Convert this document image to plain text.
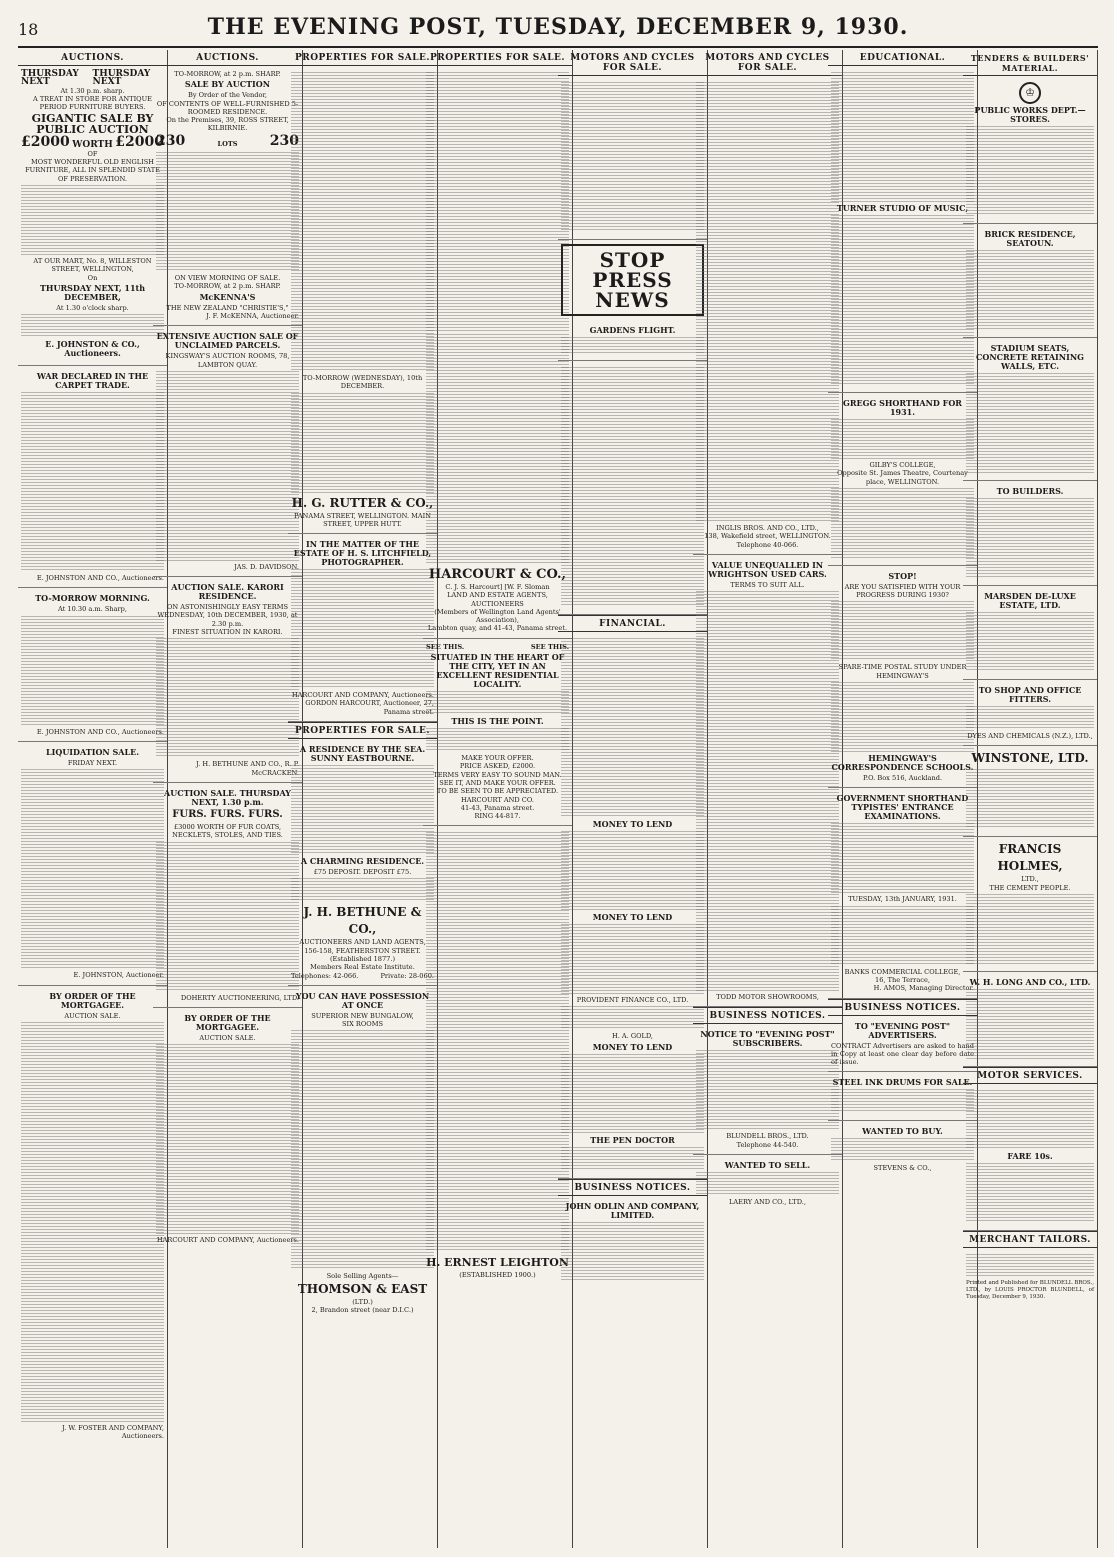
18	THE EVENING POST, TUESDAY, DECEMBER 9, 1930.
AUCTIONS.
THURSDAY NEXT
THURSDAY NEXT
At 1.30 p.m. sharp.
A TREAT IN STORE FOR ANTIQUE PERIOD FURNITURE BUYERS.
GIGANTIC SALE BY PUBLIC AUCTION
£2000 WORTH £2000
OF
MOST WONDERFUL OLD ENGLISH FURNITURE, ALL IN SPLENDID STATE OF PRESERVATION.
AT OUR MART, No. 8, WILLESTON STREET, WELLINGTON,
On
THURSDAY NEXT, 11th DECEMBER,
At 1.30 o'clock sharp.
E. JOHNSTON & CO., Auctioneers.
WAR DECLARED IN THE CARPET TRADE.
E. JOHNSTON AND CO., Auctioneers.
TO-MORROW MORNING.
At 10.30 a.m. Sharp,
E. JOHNSTON AND CO., Auctioneers.
LIQUIDATION SALE.
FRIDAY NEXT.
E. JOHNSTON, Auctioneer.
BY ORDER OF THE MORTGAGEE.
AUCTION SALE.
J. W. FOSTER AND COMPANY, Auctioneers.
AUCTIONS.
TO-MORROW, at 2 p.m. SHARP.
SALE BY AUCTION
By Order of the Vendor,
OF CONTENTS OF WELL-FURNISHED 5-ROOMED RESIDENCE.
On the Premises, 39, ROSS STREET, KILBIRNIE.
230	LOTS 230
ON VIEW MORNING OF SALE.
TO-MORROW, at 2 p.m. SHARP.
McKENNA'S
THE NEW ZEALAND "CHRISTIE'S,"
J. F. McKENNA, Auctioneer.
EXTENSIVE AUCTION SALE OF UNCLAIMED PARCELS.
KINGSWAY'S AUCTION ROOMS, 78, LAMBTON QUAY.
JAS. D. DAVIDSON.
AUCTION SALE. KARORI RESIDENCE.
ON ASTONISHINGLY EASY TERMS
WEDNESDAY, 10th DECEMBER, 1930, at 2.30 p.m.
FINEST SITUATION IN KARORI.
J. H. BETHUNE AND CO., R. P. McCRACKEN.
AUCTION SALE. THURSDAY NEXT, 1.30 p.m.
FURS. FURS. FURS.
£3000 WORTH OF FUR COATS, NECKLETS, STOLES, AND TIES.
DOHERTY AUCTIONEERING, LTD.
BY ORDER OF THE MORTGAGEE.
AUCTION SALE.
HARCOURT AND COMPANY, Auctioneers.
PROPERTIES FOR SALE.
TO-MORROW (WEDNESDAY), 10th DECEMBER.
H. G. RUTTER & CO.,
PANAMA STREET, WELLINGTON. MAIN STREET, UPPER HUTT.
IN THE MATTER OF THE ESTATE OF H. S. LITCHFIELD, PHOTOGRAPHER.
HARCOURT AND COMPANY, Auctioneers. GORDON HARCOURT, Auctioneer, 27, Panama street.
PROPERTIES FOR SALE.
A RESIDENCE BY THE SEA. SUNNY EASTBOURNE.
A CHARMING RESIDENCE.
£75 DEPOSIT. DEPOSIT £75.
J. H. BETHUNE & CO.,
AUCTIONEERS AND LAND AGENTS,
156-158, FEATHERSTON STREET. (Established 1877.)
Members Real Estate Institute.
Telephones: 42-066.	Private: 28-060.
YOU CAN HAVE POSSESSION AT ONCE
SUPERIOR NEW BUNGALOW,
SIX ROOMS
Sole Selling Agents—
THOMSON & EAST
(LTD.)
2, Brandon street (near D.I.C.)
PROPERTIES FOR SALE.
HARCOURT & CO.,
C. J. S. Harcourt] [W. F. Sloman
LAND AND ESTATE AGENTS, AUCTIONEERS
(Members of Wellington Land Agents' Association),
Lambton quay, and 41-43, Panama street.
SEE THIS.	SEE THIS.
SITUATED IN THE HEART OF THE CITY, YET IN AN EXCELLENT RESIDENTIAL LOCALITY.
THIS IS THE POINT.
MAKE YOUR OFFER.
PRICE ASKED, £2000.
TERMS VERY EASY TO SOUND MAN.
SEE IT, AND MAKE YOUR OFFER.
TO BE SEEN TO BE APPRECIATED.
HARCOURT AND CO.
41-43, Panama street.
RING 44-817.
H. ERNEST LEIGHTON
(ESTABLISHED 1900.)
MOTORS AND CYCLES FOR SALE.
STOP PRESS NEWS
GARDENS FLIGHT.
FINANCIAL.
MONEY TO LEND
MONEY TO LEND
PROVIDENT FINANCE CO., LTD.
H. A. GOLD,
MONEY TO LEND
THE PEN DOCTOR
BUSINESS NOTICES.
JOHN ODLIN AND COMPANY, LIMITED.
MOTORS AND CYCLES FOR SALE.
INGLIS BROS. AND CO., LTD.,
138, Wakefield street, WELLINGTON.
Telephone 40-066.
VALUE UNEQUALLED IN WRIGHTSON USED CARS.
TERMS TO SUIT ALL.
TODD MOTOR SHOWROOMS,
BUSINESS NOTICES.
NOTICE TO "EVENING POST" SUBSCRIBERS.
BLUNDELL BROS., LTD.
Telephone 44-540.
WANTED TO SELL.
LAERY AND CO., LTD.,
EDUCATIONAL.
TURNER STUDIO OF MUSIC,
GREGG SHORTHAND FOR 1931.
GILBY'S COLLEGE,
Opposite St. James Theatre, Courtenay place, WELLINGTON.
STOP!
ARE YOU SATISFIED WITH YOUR PROGRESS DURING 1930?
SPARE-TIME POSTAL STUDY UNDER HEMINGWAY'S
HEMINGWAY'S CORRESPONDENCE SCHOOLS.
P.O. Box 516, Auckland.
GOVERNMENT SHORTHAND TYPISTES' ENTRANCE EXAMINATIONS.
TUESDAY, 13th JANUARY, 1931.
BANKS COMMERCIAL COLLEGE,
16, The Terrace,
H. AMOS, Managing Director.
BUSINESS NOTICES.
TO "EVENING POST" ADVERTISERS.
CONTRACT Advertisers are asked to hand in Copy at least one clear day before date of issue.
STEEL INK DRUMS FOR SALE.
WANTED TO BUY.
STEVENS & CO.,
TENDERS & BUILDERS' MATERIAL.
♔
PUBLIC WORKS DEPT.—STORES.
BRICK RESIDENCE, SEATOUN.
STADIUM SEATS, CONCRETE RETAINING WALLS, ETC.
TO BUILDERS.
MARSDEN DE-LUXE ESTATE, LTD.
TO SHOP AND OFFICE FITTERS.
DYES AND CHEMICALS (N.Z.), LTD.,
WINSTONE, LTD.
FRANCIS HOLMES,
LTD.,
THE CEMENT PEOPLE.
W. H. LONG AND CO., LTD.
MOTOR SERVICES.
FARE 10s.
MERCHANT TAILORS.
Printed and Published for BLUNDELL BROS., LTD., by LOUIS PROCTOR BLUNDELL, of Tuesday, December 9, 1930.
